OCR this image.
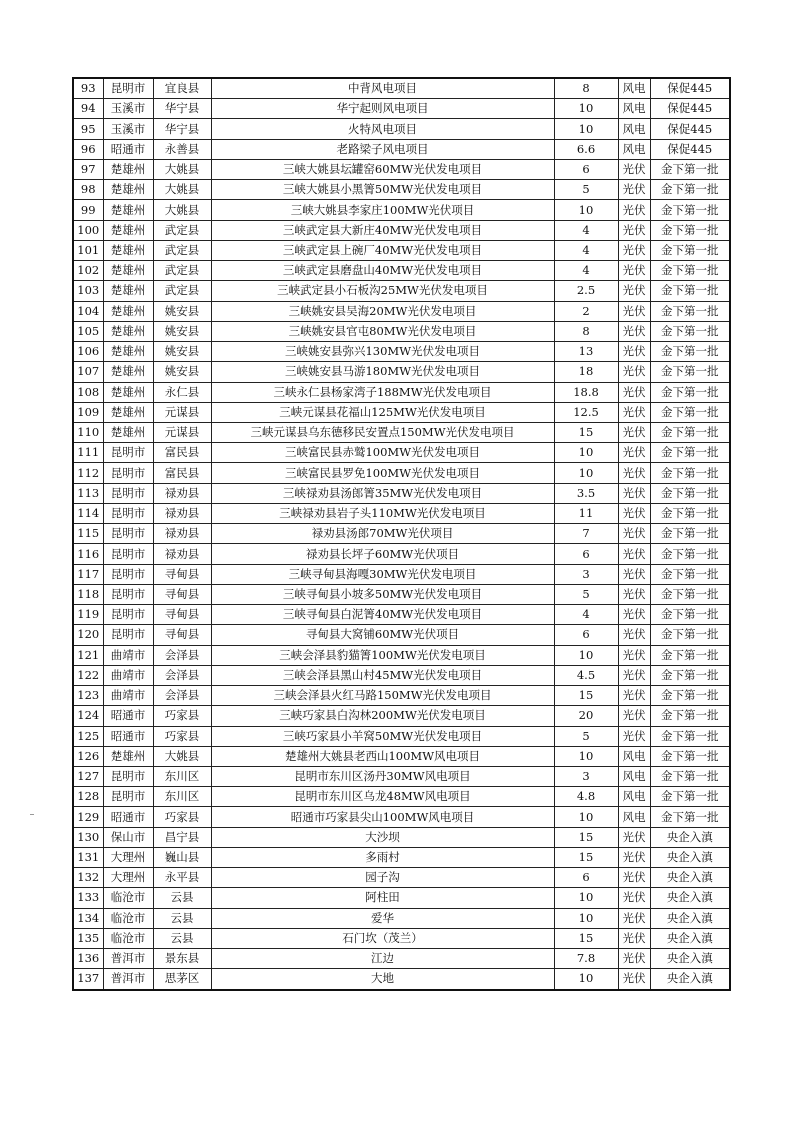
93	昆明市	宜良县	中背风电项目	8	风电	保促445
94	玉溪市	华宁县	华宁起则风电项目	10	风电	保促445
95	玉溪市	华宁县	火特风电项目	10	风电	保促445
96	昭通市	永善县	老路梁子风电项目	6.6	风电	保促445
97	楚雄州	大姚县	三峡大姚县坛罐窑60MW光伏发电项目	6	光伏	金下第一批
98	楚雄州	大姚县	三峡大姚县小黑箐50MW光伏发电项目	5	光伏	金下第一批
99	楚雄州	大姚县	三峡大姚县李家庄100MW光伏项目	10	光伏	金下第一批
100	楚雄州	武定县	三峡武定县大新庄40MW光伏发电项目	4	光伏	金下第一批
101	楚雄州	武定县	三峡武定县上碗厂40MW光伏发电项目	4	光伏	金下第一批
102	楚雄州	武定县	三峡武定县磨盘山40MW光伏发电项目	4	光伏	金下第一批
103	楚雄州	武定县	三峡武定县小石板沟25MW光伏发电项目	2.5	光伏	金下第一批
104	楚雄州	姚安县	三峡姚安县吴海20MW光伏发电项目	2	光伏	金下第一批
105	楚雄州	姚安县	三峡姚安县官屯80MW光伏发电项目	8	光伏	金下第一批
106	楚雄州	姚安县	三峡姚安县弥兴130MW光伏发电项目	13	光伏	金下第一批
107	楚雄州	姚安县	三峡姚安县马游180MW光伏发电项目	18	光伏	金下第一批
108	楚雄州	永仁县	三峡永仁县杨家湾子188MW光伏发电项目	18.8	光伏	金下第一批
109	楚雄州	元谋县	三峡元谋县花福山125MW光伏发电项目	12.5	光伏	金下第一批
110	楚雄州	元谋县	三峡元谋县乌东德移民安置点150MW光伏发电项目	15	光伏	金下第一批
111	昆明市	富民县	三峡富民县赤鹫100MW光伏发电项目	10	光伏	金下第一批
112	昆明市	富民县	三峡富民县罗免100MW光伏发电项目	10	光伏	金下第一批
113	昆明市	禄劝县	三峡禄劝县汤郎箐35MW光伏发电项目	3.5	光伏	金下第一批
114	昆明市	禄劝县	三峡禄劝县岩子头110MW光伏发电项目	11	光伏	金下第一批
115	昆明市	禄劝县	禄劝县汤郎70MW光伏项目	7	光伏	金下第一批
116	昆明市	禄劝县	禄劝县长坪子60MW光伏项目	6	光伏	金下第一批
117	昆明市	寻甸县	三峡寻甸县海嘎30MW光伏发电项目	3	光伏	金下第一批
118	昆明市	寻甸县	三峡寻甸县小坡多50MW光伏发电项目	5	光伏	金下第一批
119	昆明市	寻甸县	三峡寻甸县白泥箐40MW光伏发电项目	4	光伏	金下第一批
120	昆明市	寻甸县	寻甸县大窝铺60MW光伏项目	6	光伏	金下第一批
121	曲靖市	会泽县	三峡会泽县豹猫箐100MW光伏发电项目	10	光伏	金下第一批
122	曲靖市	会泽县	三峡会泽县黑山村45MW光伏发电项目	4.5	光伏	金下第一批
123	曲靖市	会泽县	三峡会泽县火红马路150MW光伏发电项目	15	光伏	金下第一批
124	昭通市	巧家县	三峡巧家县白沟林200MW光伏发电项目	20	光伏	金下第一批
125	昭通市	巧家县	三峡巧家县小羊窝50MW光伏发电项目	5	光伏	金下第一批
126	楚雄州	大姚县	楚雄州大姚县老西山100MW风电项目	10	风电	金下第一批
127	昆明市	东川区	昆明市东川区汤丹30MW风电项目	3	风电	金下第一批
128	昆明市	东川区	昆明市东川区乌龙48MW风电项目	4.8	风电	金下第一批
129	昭通市	巧家县	昭通市巧家县尖山100MW风电项目	10	风电	金下第一批
130	保山市	昌宁县	大沙坝	15	光伏	央企入滇
131	大理州	巍山县	多雨村	15	光伏	央企入滇
132	大理州	永平县	园子沟	6	光伏	央企入滇
133	临沧市	云县	阿柱田	10	光伏	央企入滇
134	临沧市	云县	爱华	10	光伏	央企入滇
135	临沧市	云县	石门坎（茂兰）	15	光伏	央企入滇
136	普洱市	景东县	江边	7.8	光伏	央企入滇
137	普洱市	思茅区	大地	10	光伏	央企入滇
